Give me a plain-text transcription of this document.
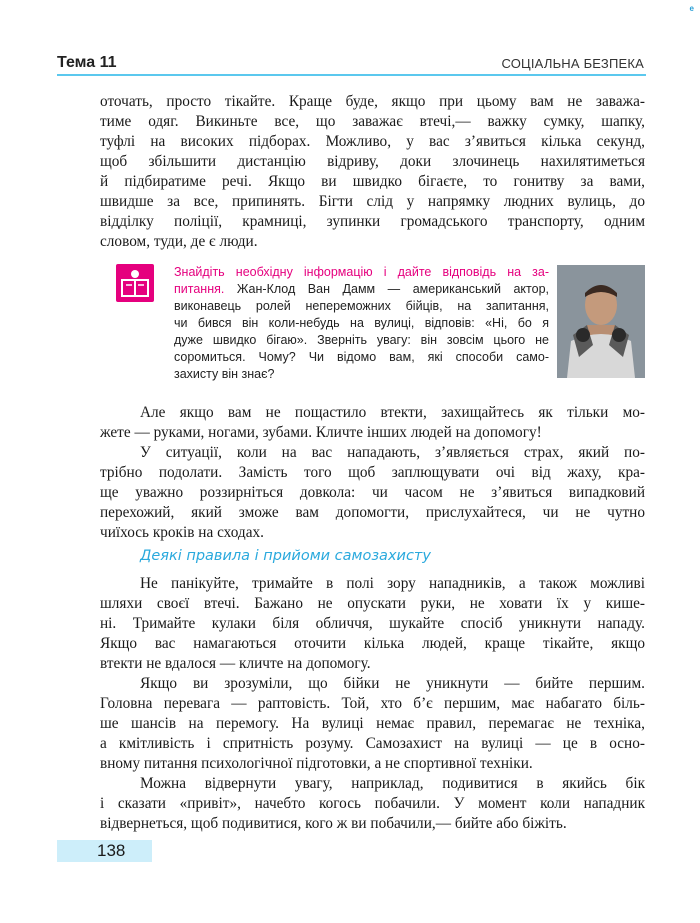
e
Тема 11	СОЦІАЛЬНА БЕЗПЕКА

оточать, просто тікайте. Краще буде, якщо при цьому вам не заважа-

тиме одяг. Викиньте все, що заважає втечі,— важку сумку, шапку,

туфлі на високих підборах. Можливо, у вас з’явиться кілька секунд,

щоб збільшити дистанцію відриву, доки злочинець нахилятиметься

й підбиратиме речі. Якщо ви швидко бігаєте, то гонитву за вами,

швидше за все, припинять. Бігти слід у напрямку людних вулиць, до

відділку поліції, крамниці, зупинки громадського транспорту, одним

словом, туди, де є люди.

Знайдіть необхідну інформацію і дайте відповідь на за-
питання. Жан-Клод Ван Дамм — американський актор,
виконавець ролей непереможних бійців, на запитання,
чи бився він коли-небудь на вулиці, відповів: «Ні, бо я
дуже швидко бігаю». Зверніть увагу: він зовсім цього не
соромиться. Чому? Чи відомо вам, які способи само-
захисту він знає?

Але якщо вам не пощастило втекти, захищайтесь як тільки мо-

жете — руками, ногами, зубами. Кличте інших людей на допомогу!

У ситуації, коли на вас нападають, з’являється страх, який по-

трібно подолати. Замість того щоб заплющувати очі від жаху, кра-

ще уважно роззирніться довкола: чи часом не з’явиться випадковий

перехожий, який зможе вам допомогти, прислухайтеся, чи не чутно

чиїхось кроків на сходах.

Деякі правила і прийоми самозахисту

Не панікуйте, тримайте в полі зору нападників, а також можливі

шляхи своєї втечі. Бажано не опускати руки, не ховати їх у кише-

ні. Тримайте кулаки біля обличчя, шукайте спосіб уникнути нападу.

Якщо вас намагаються оточити кілька людей, краще тікайте, якщо

втекти не вдалося — кличте на допомогу.

Якщо ви зрозуміли, що бійки не уникнути — бийте першим.

Головна перевага — раптовість. Той, хто б’є першим, має набагато біль-

ше шансів на перемогу. На вулиці немає правил, перемагає не техніка,

а кмітливість і спритність розуму. Самозахист на вулиці — це в осно-

вному питання психологічної підготовки, а не спортивної техніки.

Можна відвернути увагу, наприклад, подивитися в якийсь бік

і сказати «привіт», начебто когось побачили. У момент коли нападник

відвернеться, щоб подивитися, кого ж ви побачили,— бийте або біжіть.

138
